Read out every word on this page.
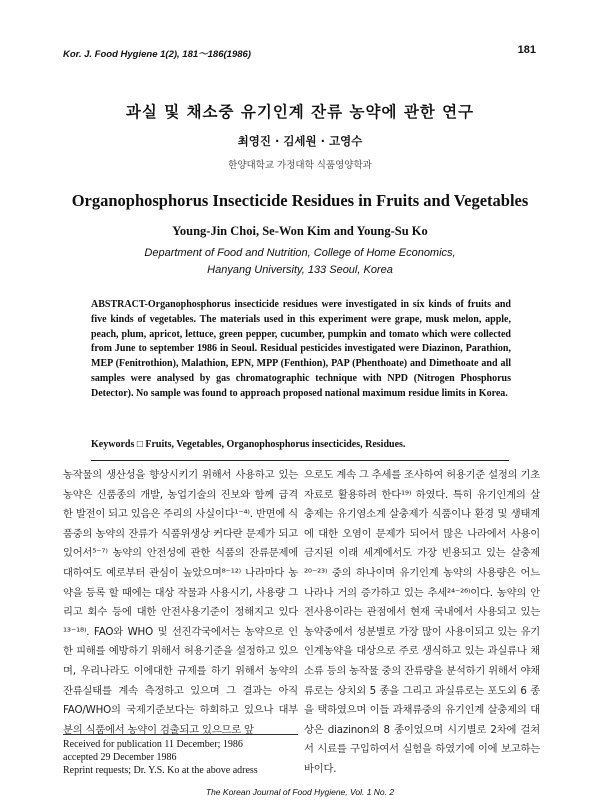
Kor. J. Food Hygiene 1(2), 181～186(1986)	181
과실 및 채소중 유기인계 잔류 농약에 관한 연구
최영진 · 김세원 · 고영수
한양대학교 가정대학 식품영양학과
Organophosphorus Insecticide Residues in Fruits and Vegetables
Young-Jin Choi, Se-Won Kim and Young-Su Ko
Department of Food and Nutrition, College of Home Economics,
Hanyang University, 133 Seoul, Korea

ABSTRACT-Organophosphorus insecticide residues were investigated in six kinds of fruits and five kinds of vegetables. The materials used in this experiment were grape, musk melon, apple, peach, plum, apricot, lettuce, green pepper, cucumber, pumpkin and tomato which were collected from June to september 1986 in Seoul. Residual pesticides investigated were Diazinon, Parathion, MEP (Fenitrothion), Malathion, EPN, MPP (Fenthion), PAP (Phenthoate) and Dimethoate and all samples were analysed by gas chromatographic technique with NPD (Nitrogen Phosphorus Detector). No sample was found to approach proposed national maximum residue limits in Korea.

Keywords □ Fruits, Vegetables, Organophosphorus insecticides, Residues.

농작물의 생산성을 향상시키기 위해서 사용하고 있는 농약은 신품종의 개발, 농업기술의 진보와 함께 급격한 발전이 되고 있음은 주리의 사실이다¹⁻⁴⁾. 반면에 식품중의 농약의 잔류가 식품위생상 커다란 문제가 되고있어서⁵⁻⁷⁾ 농약의 안전성에 관한 식품의 잔류문제에 대하여도 예로부터 관심이 높았으며⁸⁻¹²⁾ 나라마다 농약을 등록 할 때에는 대상 작물과 사용시기, 사용량 그리고 회수 등에 대한 안전사용기준이 정해지고 있다¹³⁻¹⁸⁾. FAO와 WHO 및 선진각국에서는 농약으로 인한 피해를 예방하기 위해서 허용기준을 설정하고 있으며, 우리나라도 이에대한 규제를 하기 위해서 농약의 잔류실태를 계속 측정하고 있으며 그 결과는 아직 FAO/WHO의 국제기준보다는 하회하고 있으나 대부분의 식품에서 농약이 검출되고 있으므로 앞

으로도 계속 그 추세를 조사하여 허용기준 설정의 기초자료로 활용하려 한다¹⁹⁾ 하였다. 특히 유기인계의 살충제는 유기염소계 살충제가 식품이나 환경 및 생태계에 대한 오염이 문제가 되어서 많은 나라에서 사용이 금지된 이래 세계에서도 가장 빈용되고 있는 살충제²⁰⁻²³⁾ 중의 하나이며 유기인계 농약의 사용량은 어느나라나 거의 증가하고 있는 추세²⁴⁻²⁶⁾이다. 농약의 안전사용이라는 관점에서 현재 국내에서 사용되고 있는 농약중에서 성분별로 가장 많이 사용이되고 있는 유기인계농약을 대상으로 주로 생식하고 있는 과실류나 채소류 등의 농작물 중의 잔류량을 분석하기 위해서 야채류로는 상치외 5 종을 그리고 과실류로는 포도외 6 종을 택하였으며 이들 과채류중의 유기인계 살충제의 대상은 diazinon외 8 종이었으며 시기별로 2차에 걸쳐서 시료를 구입하여서 실험을 하였기에 이에 보고하는 바이다.

Received for publication 11 December; 1986
accepted 29 December 1986
Reprint requests; Dr. Y.S. Ko at the above adress
The Korean Journal of Food Hygiene, Vol. 1 No. 2
